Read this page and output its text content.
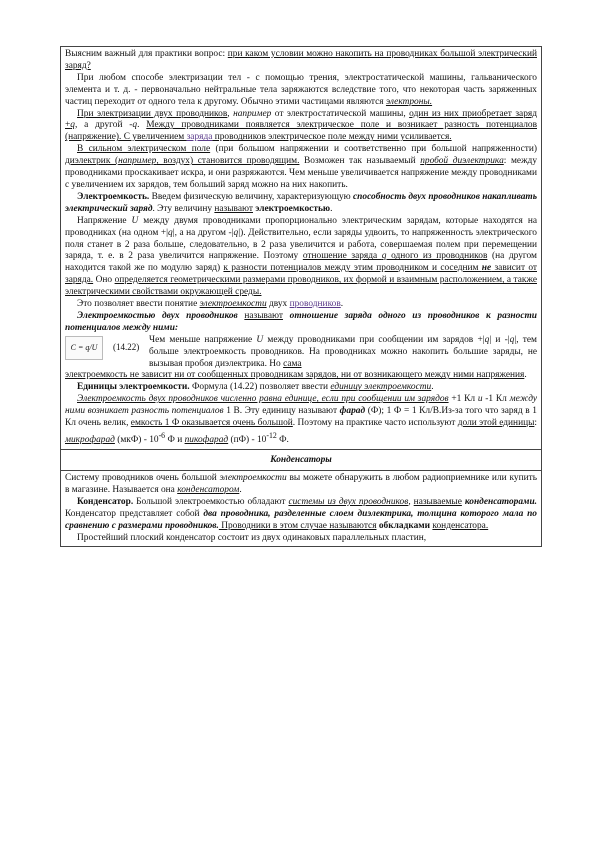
Выясним важный для практики вопрос: при каком условии можно накопить на проводниках большой электрический заряд?

При любом способе электризации тел - с помощью трения, электростатической машины, гальванического элемента и т. д. - первоначально нейтральные тела заряжаются вследствие того, что некоторая часть заряженных частиц переходит от одного тела к другому. Обычно этими частицами являются электроны.

При электризации двух проводников, например от электростатической машины, один из них приобретает заряд +q, а другой -q. Между проводниками появляется электрическое поле и возникает разность потенциалов (напряжение). С увеличением заряда проводников электрическое поле между ними усиливается.

В сильном электрическом поле (при большом напряжении и соответственно при большой напряженности) диэлектрик (например, воздух) становится проводящим. Возможен так называемый пробой диэлектрика: между проводниками проскакивает искра, и они разряжаются. Чем меньше увеличивается напряжение между проводниками с увеличением их зарядов, тем больший заряд можно на них накопить.

Электроемкость. Введем физическую величину, характеризующую способность двух проводников накапливать электрический заряд. Эту величину называют электроемкостью.

Напряжение U между двумя проводниками пропорционально электрическим зарядам, которые находятся на проводниках (на одном +|q|, а на другом -|q|). Действительно, если заряды удвоить, то напряженность электрического поля станет в 2 раза больше, следовательно, в 2 раза увеличится и работа, совершаемая полем при перемещении заряда, т. е. в 2 раза увеличится напряжение. Поэтому отношение заряда q одного из проводников (на другом находится такой же по модулю заряд) к разности потенциалов между этим проводником и соседним не зависит от заряда. Оно определяется геометрическими размерами проводников, их формой и взаимным расположением, а также электрическими свойствами окружающей среды.

Это позволяет ввести понятие электроемкости двух проводников.

Электроемкостью двух проводников называют отношение заряда одного из проводников к разности потенциалов между ними:

C = q/U	(14.22)

Чем меньше напряжение U между проводниками при сообщении им зарядов +|q| и -|q|, тем больше электроемкость проводников. На проводниках можно накопить большие заряды, не вызывая пробоя диэлектрика. Но сама

электроемкость не зависит ни от сообщенных проводникам зарядов, ни от возникающего между ними напряжения.

Единицы электроемкости. Формула (14.22) позволяет ввести единицу электроемкости.

Электроемкость двух проводников численно равна единице, если при сообщении им зарядов +1 Кл и -1 Кл между ними возникает разность потенциалов 1 В. Эту единицу называют фарад (Ф); 1 Ф = 1 Кл/В.Из-за того что заряд в 1 Кл очень велик, емкость 1 Ф оказывается очень большой. Поэтому на практике часто используют доли этой единицы: микрофарад $(мкФ) - 10^{-6}$ Ф и пикофарад $(пФ) - 10^{-12}$ Ф.

Конденсаторы

Систему проводников очень большой электроемкости вы можете обнаружить в любом радиоприемнике или купить в магазине. Называется она конденсатором.

Конденсатор. Большой электроемкостью обладают системы из двух проводников, называемые конденсаторами. Конденсатор представляет собой два проводника, разделенные слоем диэлектрика, толщина которого мала по сравнению с размерами проводников. Проводники в этом случае называются обкладками конденсатора.

Простейший плоский конденсатор состоит из двух одинаковых параллельных пластин,
